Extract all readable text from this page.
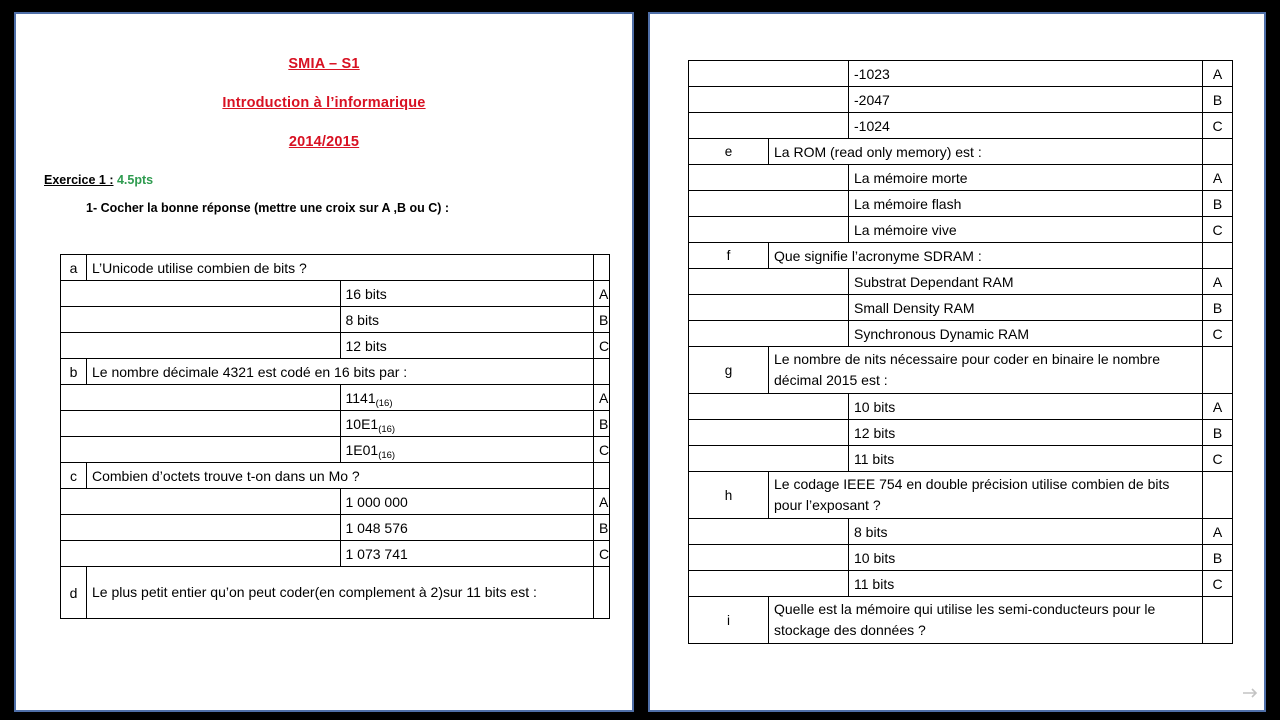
SMIA – S1
Introduction à l’informarique
2014/2015
Exercice 1 : 4.5pts
1- Cocher la bonne réponse (mettre une croix sur A ,B ou C) :
a	L’Unicode utilise combien de bits ?		
		16 bits	A
		8 bits	B
		12 bits	C
b	Le nombre décimale 4321 est codé en 16 bits par :		
		$1141_{(16)}$	A
		$10E1_{(16)}$	B
		$1E01_{(16)}$	C
c	Combien d’octets trouve t-on dans un Mo ?		
		1 000 000	A
		1 048 576	B
		1 073 741	C
d	Le plus petit entier qu’on peut coder(en complement à 2)sur 11 bits est :		
		-1023	A
		-2047	B
		-1024	C
e	La ROM (read only memory) est :		
		La mémoire morte	A
		La mémoire flash	B
		La mémoire vive	C
f	Que signifie l’acronyme SDRAM :		
		Substrat Dependant RAM	A
		Small Density RAM	B
		Synchronous Dynamic RAM	C
g	Le nombre de nits nécessaire pour coder en binaire le nombre décimal 2015 est :		
		10 bits	A
		12 bits	B
		11 bits	C
h	Le codage IEEE 754 en double précision utilise combien de bits pour l’exposant ?		
		8 bits	A
		10 bits	B
		11 bits	C
i	Quelle est la mémoire qui utilise les semi-conducteurs pour le stockage des données ?		
